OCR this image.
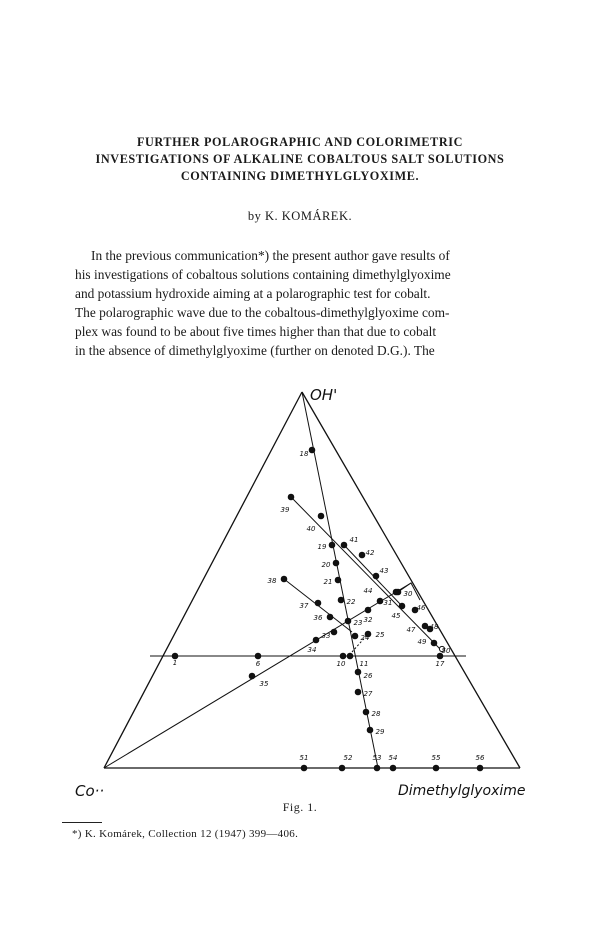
FURTHER POLAROGRAPHIC AND COLORIMETRIC
INVESTIGATIONS OF ALKALINE COBALTOUS SALT SOLUTIONS
CONTAINING DIMETHYLGLYOXIME.
by K. KOMÁREK.
In the previous communication*) the present author gave results of
his investigations of cobaltous solutions containing dimethylglyoxime
and potassium hydroxide aiming at a polarographic test for cobalt.
The polarographic wave due to the cobaltous-dimethylglyoxime com-
plex was found to be about five times higher than that due to cobalt
in the absence of dimethylglyoxime (further on denoted D.G.). The
1	6	10 11	17
18
19
20
21
22
23
24 25
26
27
28
29
30
31
32
33
34
35
36
37
38
39
40
41
42
43
44
45
46
47 48
49
50
51	52	53 54	55	56
OH'
Co··	Dimethylglyoxime
Fig. 1.
*) K. Komárek, Collection 12 (1947) 399—406.
